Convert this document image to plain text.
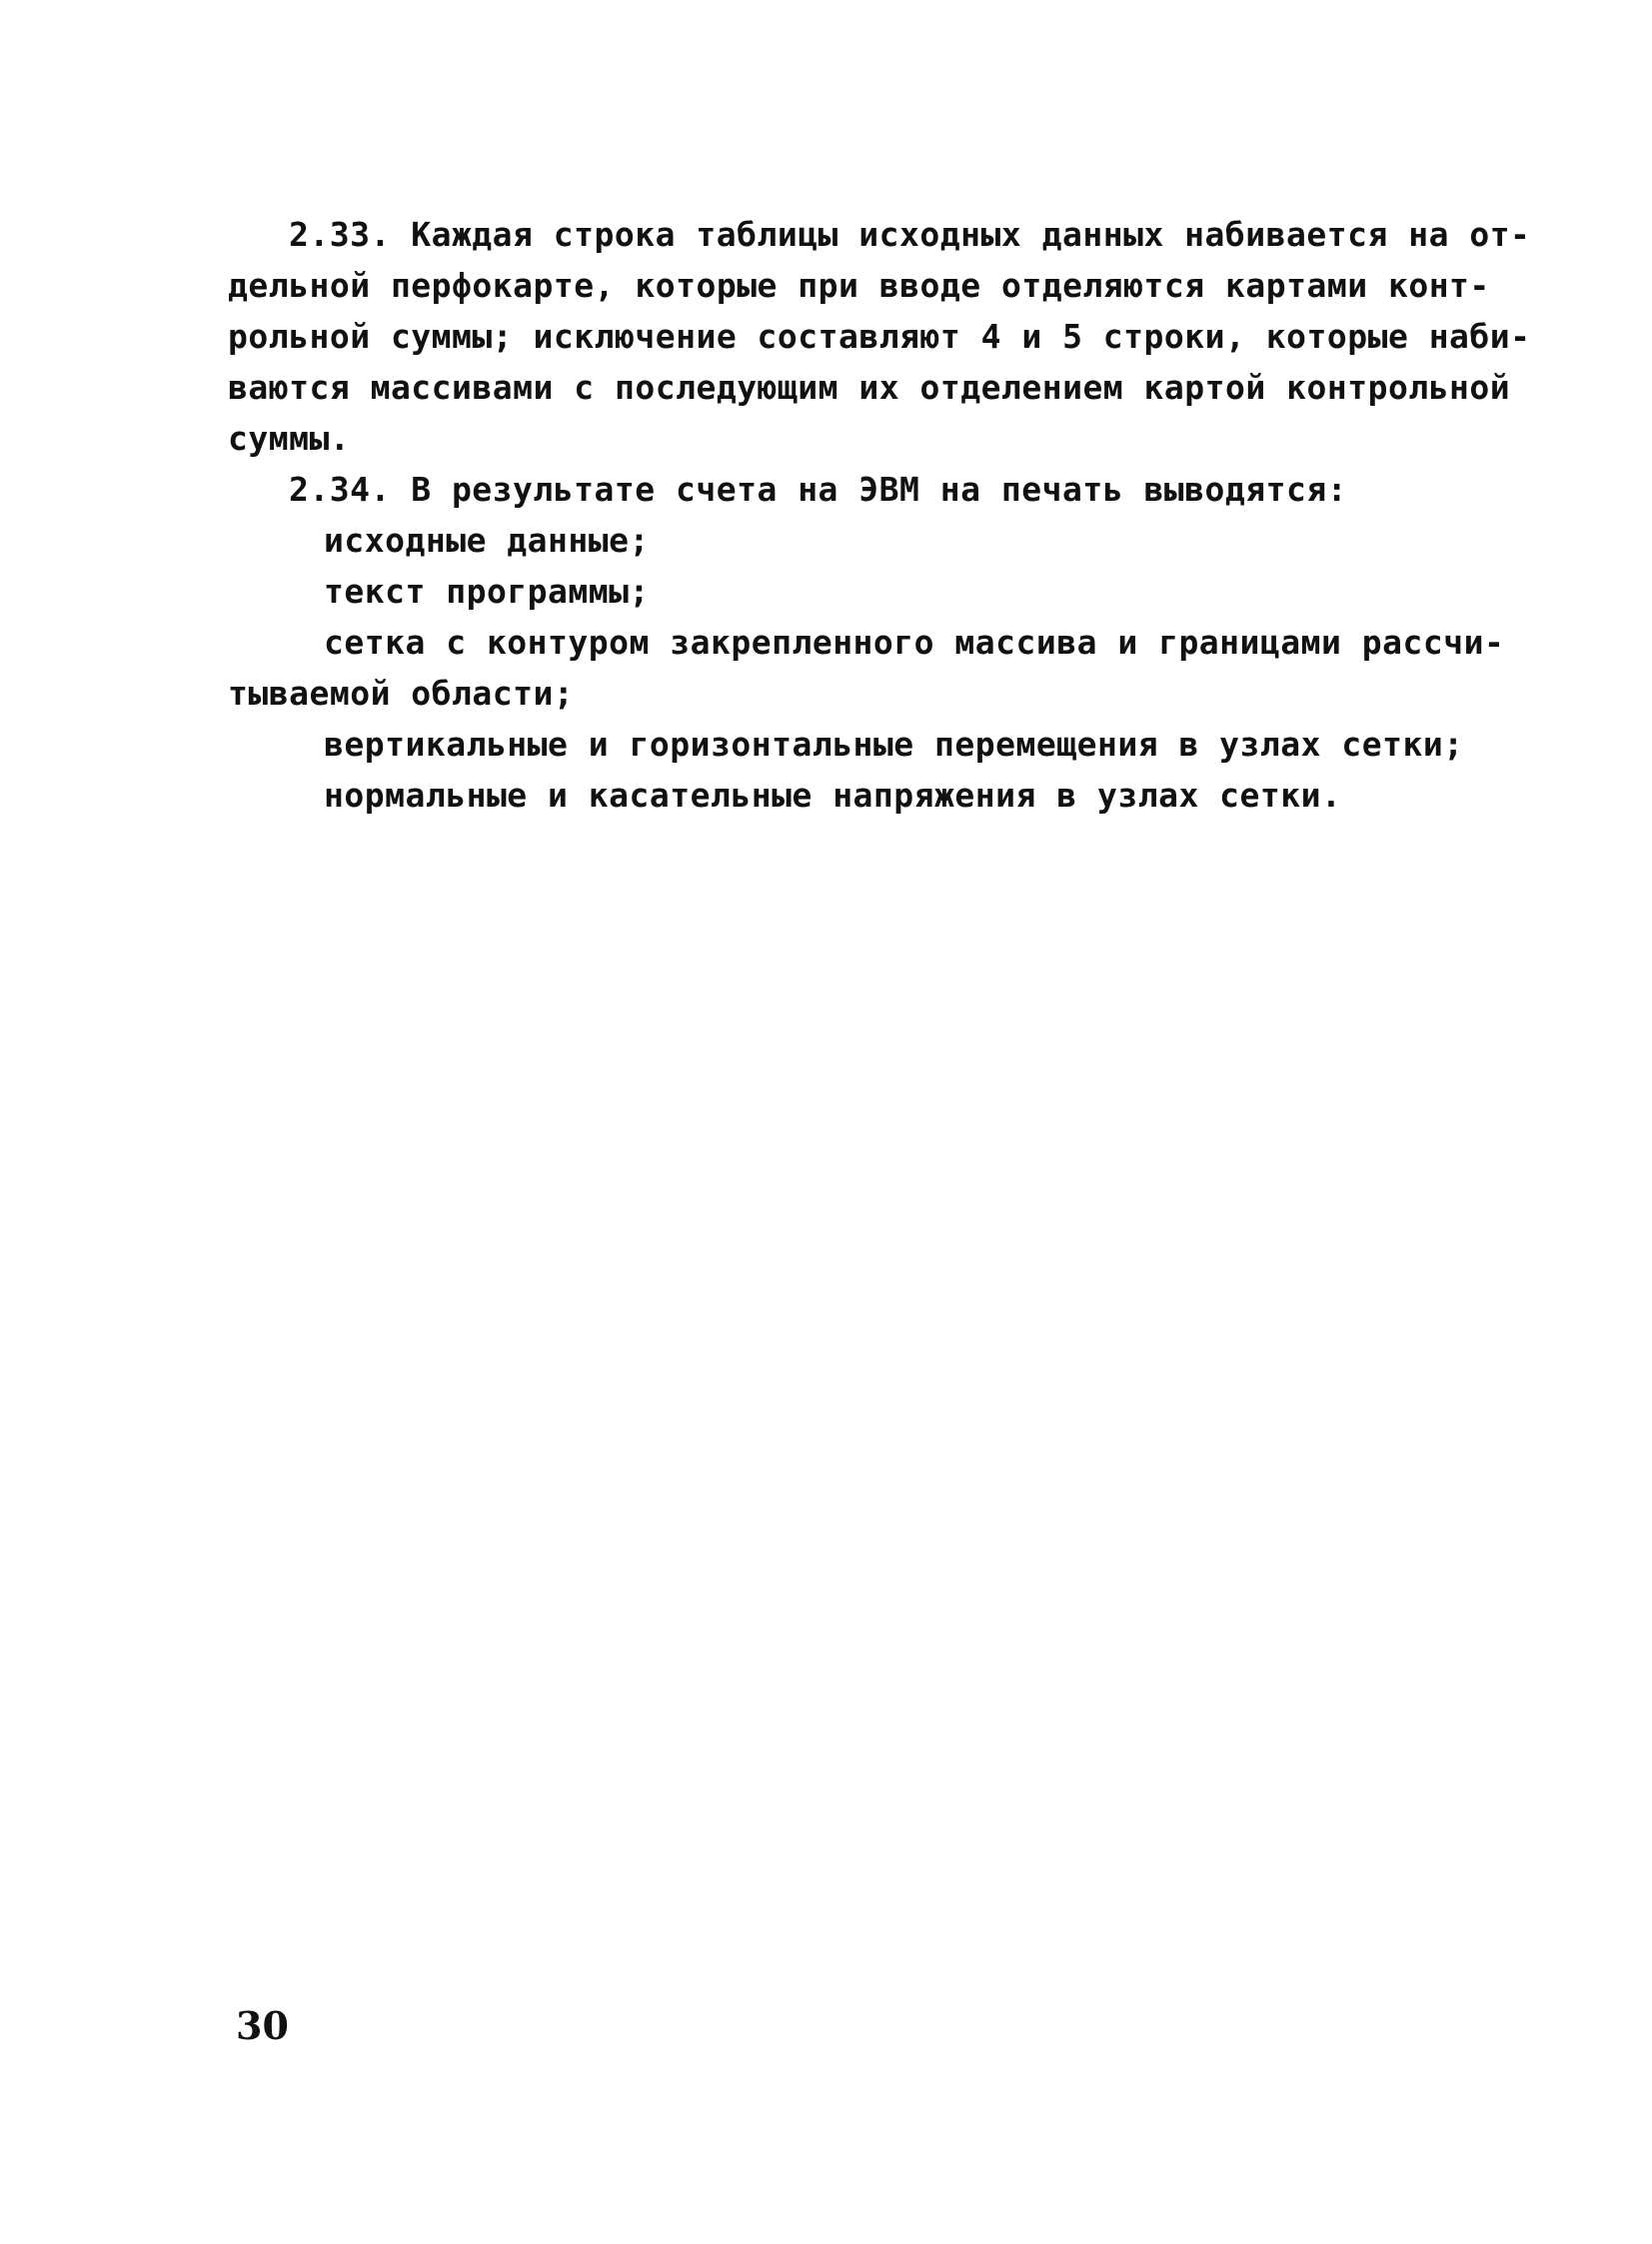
2.33. Каждая строка таблицы исходных данных набивается на от-
дельной перфокарте, которые при вводе отделяются картами конт-
рольной суммы; исключение составляют 4 и 5 строки, которые наби-
ваются массивами с последующим их отделением картой контрольной
суммы.
2.34. В результате счета на ЭВМ на печать выводятся:
исходные данные;
текст программы;
сетка с контуром закрепленного массива и границами рассчи-
тываемой области;
вертикальные и горизонтальные перемещения в узлах сетки;
нормальные и касательные напряжения в узлах сетки.
30
